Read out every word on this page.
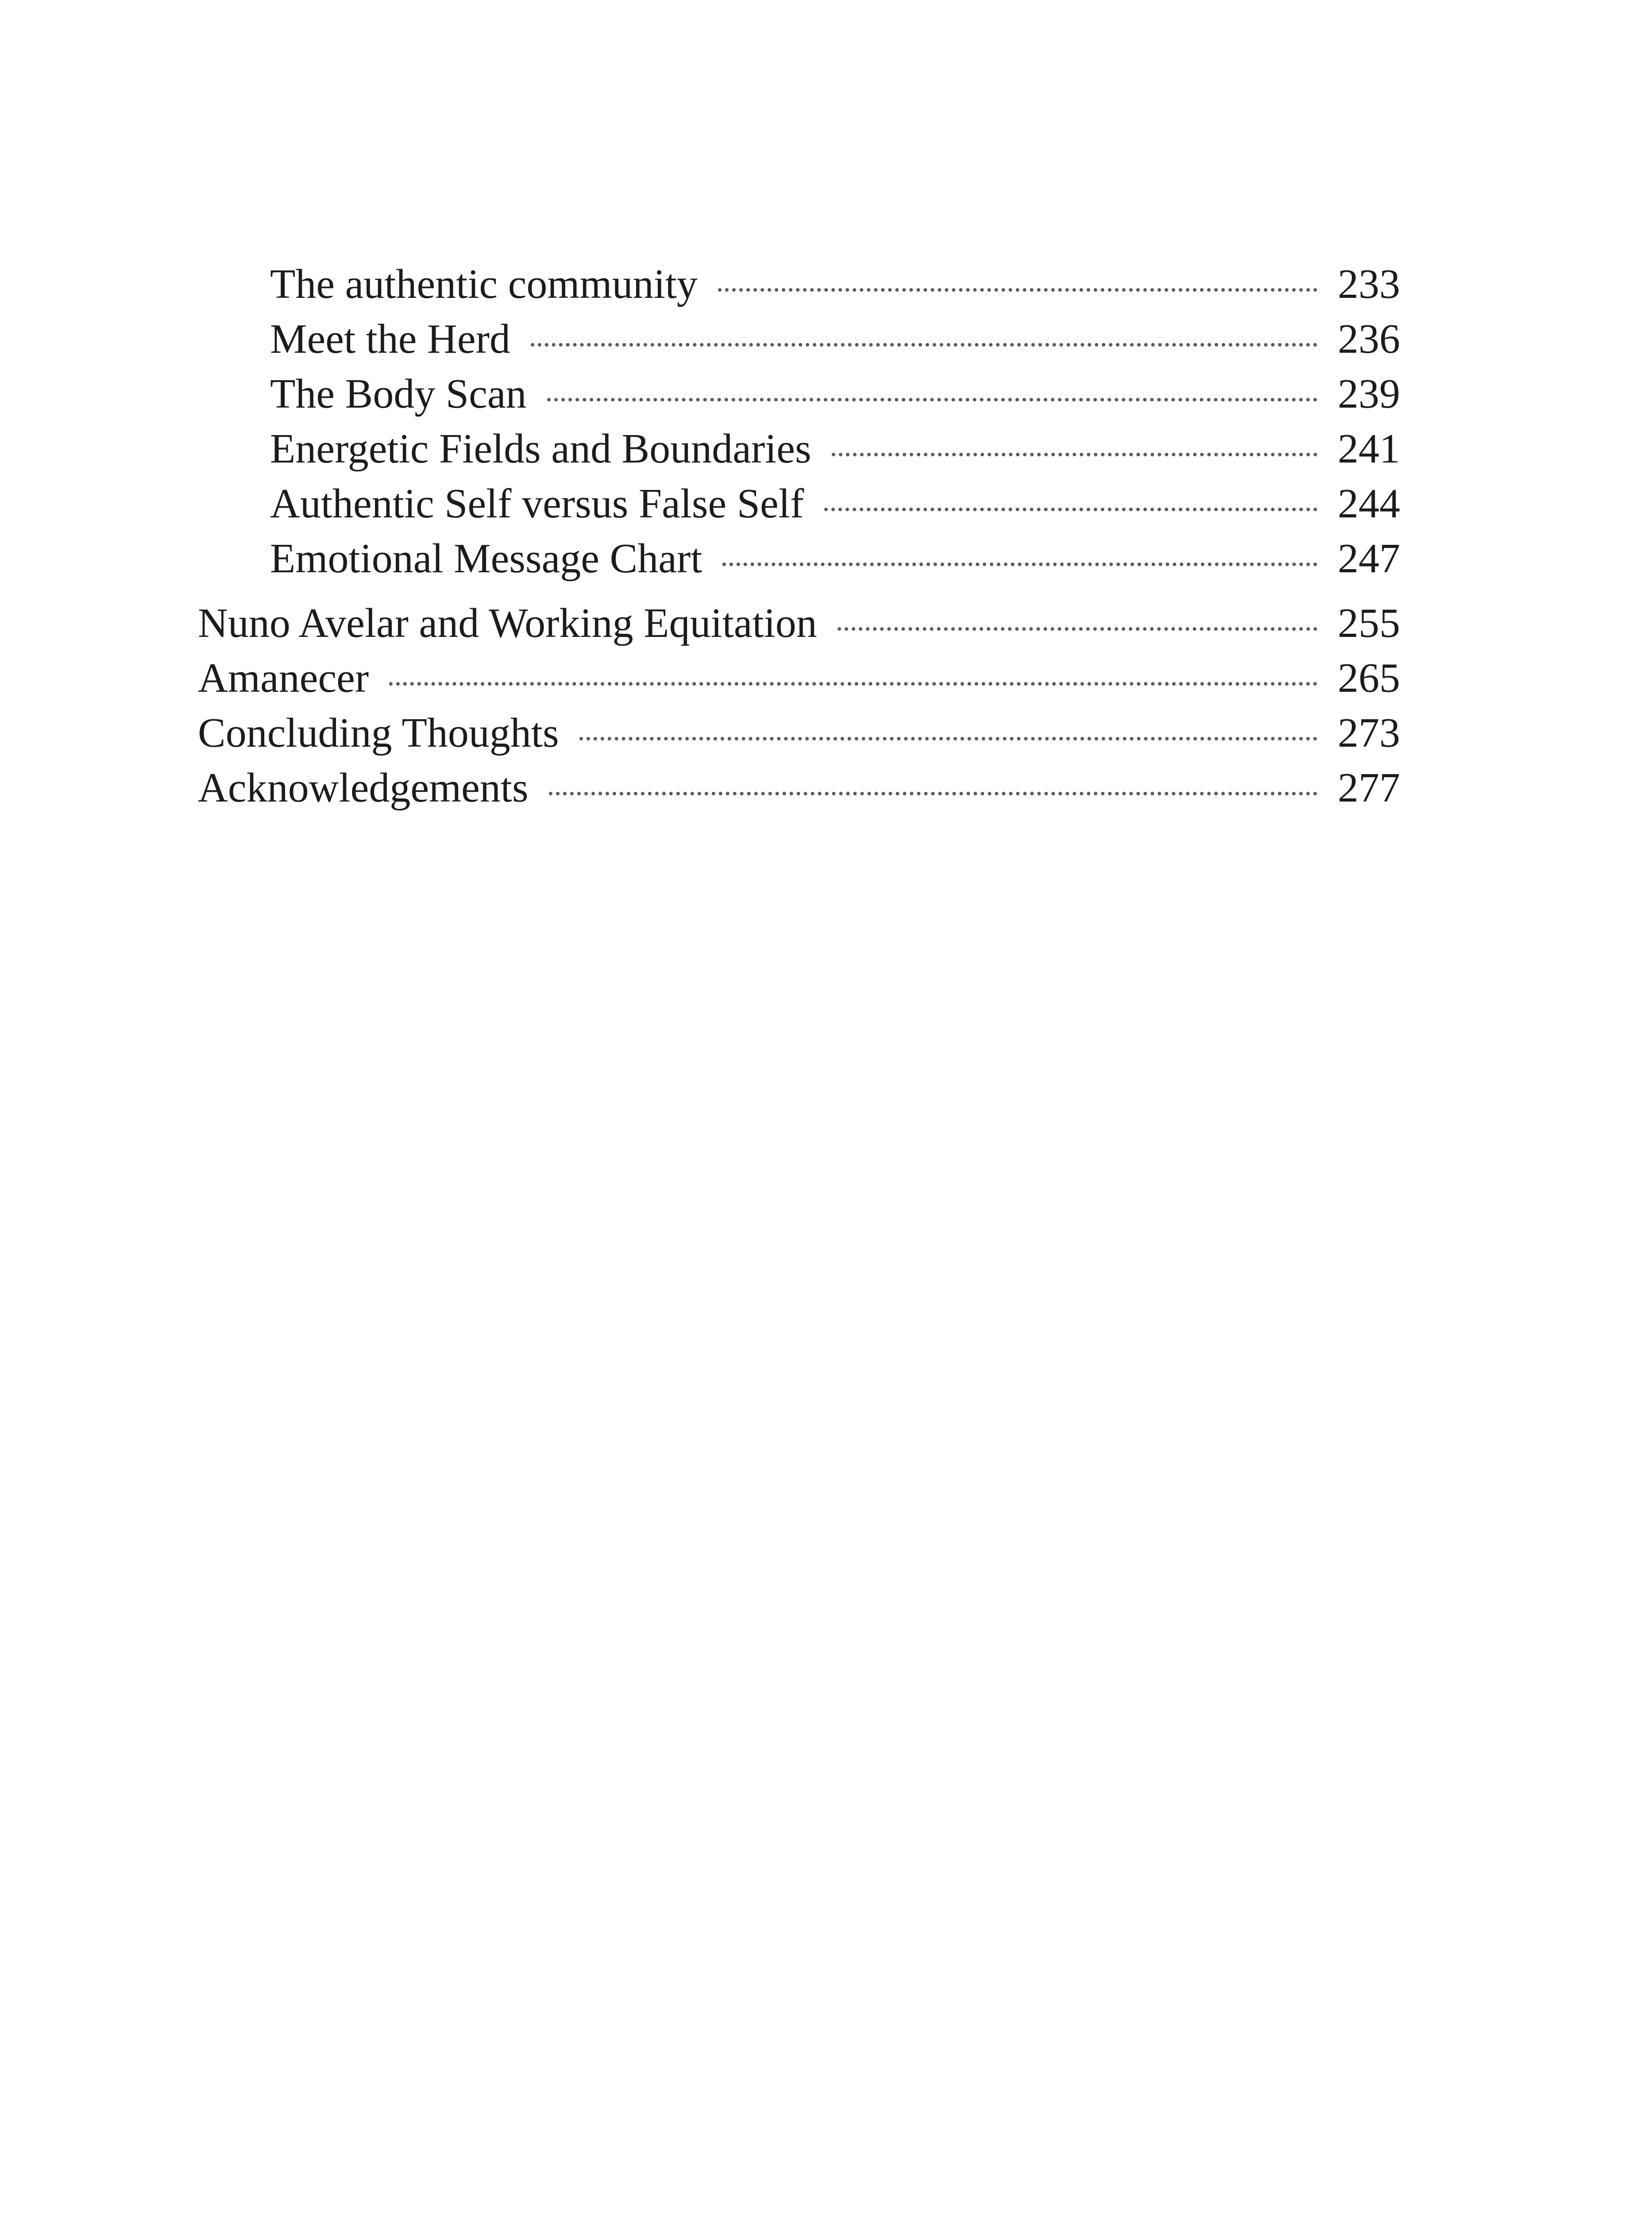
The authentic community	233
Meet the Herd	236
The Body Scan	239
Energetic Fields and Boundaries	241
Authentic Self versus False Self	244
Emotional Message Chart	247
Nuno Avelar and Working Equitation	255
Amanecer	265
Concluding Thoughts	273
Acknowledgements	277
